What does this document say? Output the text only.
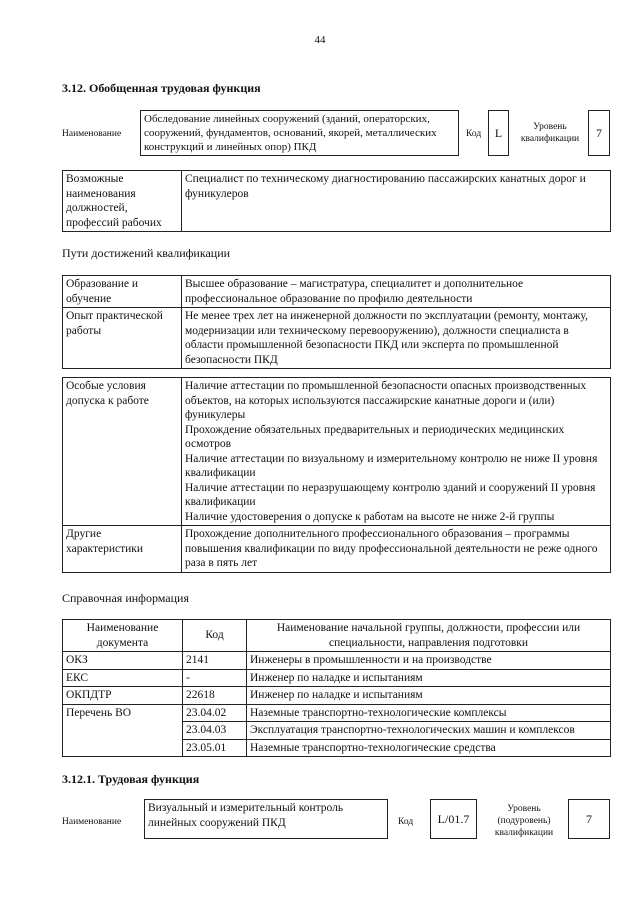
44
3.12. Обобщенная трудовая функция
Наименование
Обследование линейных сооружений (зданий, операторских, сооружений, фундаментов, оснований, якорей, металлических конструкций и линейных опор) ПКД
Код	L	Уровень квалификации	7
Возможные наименования должностей, профессий рабочих	Специалист по техническому диагностированию пассажирских канатных дорог и фуникулеров
Пути достижений квалификации
Образование и обучение	Высшее образование – магистратура, специалитет и дополнительное профессиональное образование по профилю деятельности
Опыт практической работы	Не менее трех лет на инженерной должности по эксплуатации (ремонту, монтажу, модернизации или техническому перевооружению), должности специалиста в области промышленной безопасности ПКД или эксперта по промышленной безопасности ПКД
Особые условия допуска к работе	Наличие аттестации по промышленной безопасности опасных производственных объектов, на которых используются пассажирские канатные дороги и (или) фуникулеры
Прохождение обязательных предварительных и периодических медицинских осмотров
Наличие аттестации по визуальному и измерительному контролю не ниже II уровня квалификации
Наличие аттестации по неразрушающему контролю зданий и сооружений II уровня квалификации
Наличие удостоверения о допуске к работам на высоте не ниже 2-й группы

Другие характеристики	Прохождение дополнительного профессионального образования – программы повышения квалификации по виду профессиональной деятельности не реже одного раза в пять лет
Справочная информация
Наименование документа	Код	Наименование начальной группы, должности, профессии или специальности, направления подготовки
ОКЗ	2141	Инженеры в промышленности и на производстве
ЕКС	-	Инженер по наладке и испытаниям
ОКПДТР	22618	Инженер по наладке и испытаниям
Перечень ВО	23.04.02	Наземные транспортно-технологические комплексы
	23.04.03	Эксплуатация транспортно-технологических машин и комплексов
	23.05.01	Наземные транспортно-технологические средства
3.12.1. Трудовая функция
Наименование
Визуальный и измерительный контроль линейных сооружений ПКД	Код	L/01.7
Уровень (подуровень) квалификации
7
